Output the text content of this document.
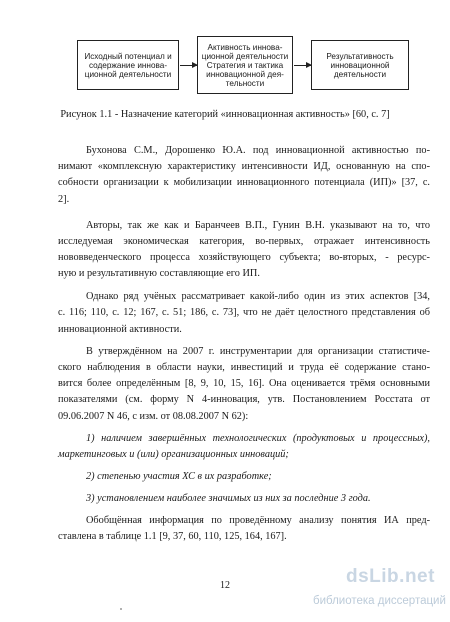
Исходный потенциал и
содержание иннова-
ционной деятельности
Активность иннова-
ционной деятельности
Стратегия и тактика
инновационной дея-
тельности
Результативность
инновационной
деятельности
Рисунок 1.1 - Назначение категорий «инновационная активность» [60, с. 7]
Бухонова С.М., Дорошенко Ю.А. под инновационной активностью по-
нимают «комплексную характеристику интенсивности ИД, основанную на спо-
собности организации к мобилизации инновационного потенциала (ИП)» [37, с.
2].
Авторы, так же как и Баранчеев В.П., Гунин В.Н. указывают на то, что
исследуемая экономическая категория, во-первых, отражает интенсивность
нововведенческого процесса хозяйствующего субъекта; во-вторых, - ресурс-
ную и результативную составляющие его ИП.
Однако ряд учёных рассматривает какой-либо один из этих аспектов [34,
с. 116; 110, с. 12; 167, с. 51; 186, с. 73], что не даёт целостного представления об
инновационной активности.
В утверждённом на 2007 г. инструментарии для организации статистиче-
ского наблюдения в области науки, инвестиций и труда её содержание стано-
вится более определённым [8, 9, 10, 15, 16]. Она оценивается трёмя основными
показателями (см. форму N 4-инновация, утв. Постановлением Росстата от
09.06.2007 N 46, с изм. от 08.08.2007 N 62):
1) наличием завершённых технологических (продуктовых и процессных),
маркетинговых и (или) организационных инноваций;
2) степенью участия ХС в их разработке;
3) установлением наиболее значимых из них за последние 3 года.
Обобщённая информация по проведённому анализу понятия ИА пред-
ставлена в таблице 1.1 [9, 37, 60, 110, 125, 164, 167].
12	dsLib.net
библиотека диссертаций
